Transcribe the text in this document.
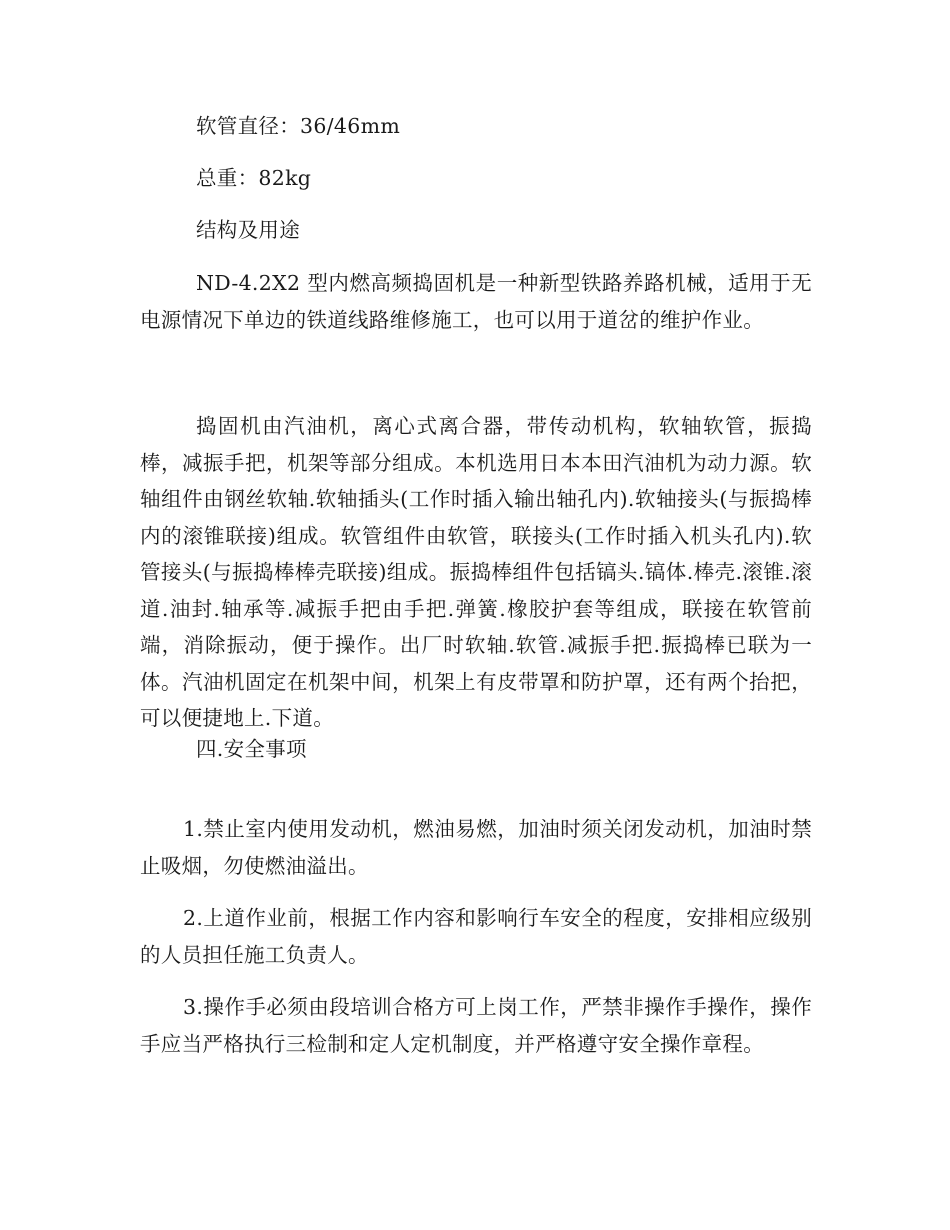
软管直径：36/46mm
总重：82kg
结构及用途

ND-4.2X2 型内燃高频捣固机是一种新型铁路养路机械，适用于无电源情况下单边的铁道线路维修施工，也可以用于道岔的维护作业。

捣固机由汽油机，离心式离合器，带传动机构，软轴软管，振捣棒，减振手把，机架等部分组成。本机选用日本本田汽油机为动力源。软轴组件由钢丝软轴.软轴插头(工作时插入输出轴孔内).软轴接头(与振捣棒内的滚锥联接)组成。软管组件由软管，联接头(工作时插入机头孔内).软管接头(与振捣棒棒壳联接)组成。振捣棒组件包括镐头.镐体.棒壳.滚锥.滚道.油封.轴承等.减振手把由手把.弹簧.橡胶护套等组成，联接在软管前端，消除振动，便于操作。出厂时软轴.软管.减振手把.振捣棒已联为一体。汽油机固定在机架中间，机架上有皮带罩和防护罩，还有两个抬把，可以便捷地上.下道。

四.安全事项

1.禁止室内使用发动机，燃油易燃，加油时须关闭发动机，加油时禁止吸烟，勿使燃油溢出。

2.上道作业前，根据工作内容和影响行车安全的程度，安排相应级别的人员担任施工负责人。

3.操作手必须由段培训合格方可上岗工作，严禁非操作手操作，操作手应当严格执行三检制和定人定机制度，并严格遵守安全操作章程。
